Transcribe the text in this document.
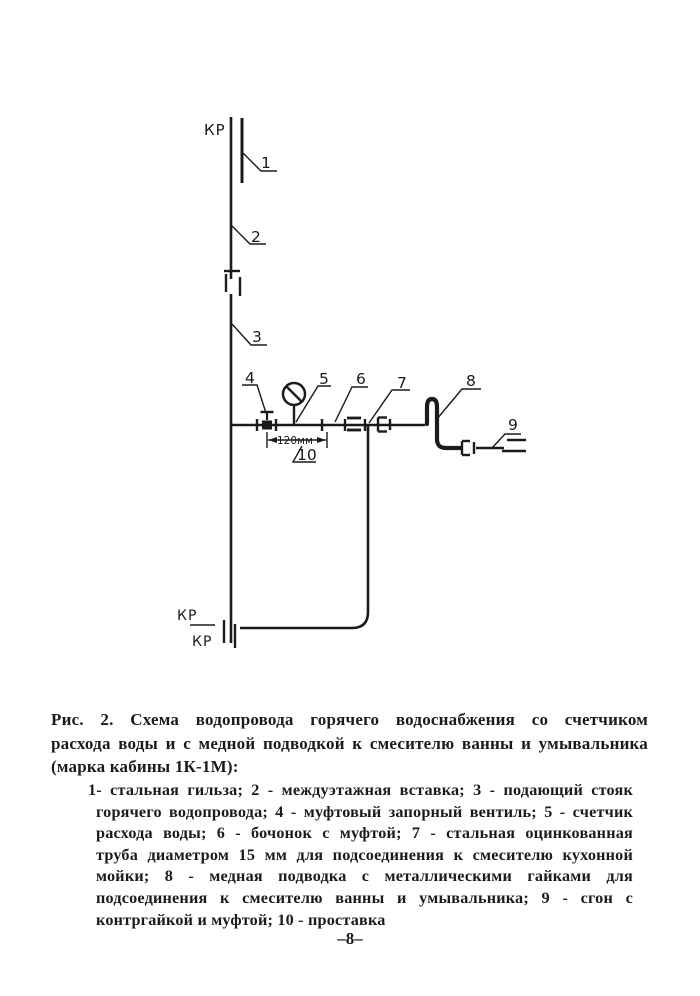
КР
1
2
3
4	5 6 7	8
9
10
120мм
КР
КР
Рис. 2. Схема водопровода горячего водоснабжения со счетчиком
расхода воды и с медной подводкой к смесителю ванны и умывальника
(марка кабины 1К-1М):
1- стальная гильза; 2 - междуэтажная вставка; 3 - подающий стояк
горячего водопровода; 4 - муфтовый запорный вентиль; 5 - счетчик
расхода воды; 6 - бочонок с муфтой; 7 - стальная оцинкованная
труба диаметром 15 мм для подсоединения к смесителю кухонной
мойки; 8 - медная подводка с металлическими гайками для
подсоединения к смесителю ванны и умывальника; 9 - сгон с
контргайкой и муфтой; 10 - проставка
–8–
